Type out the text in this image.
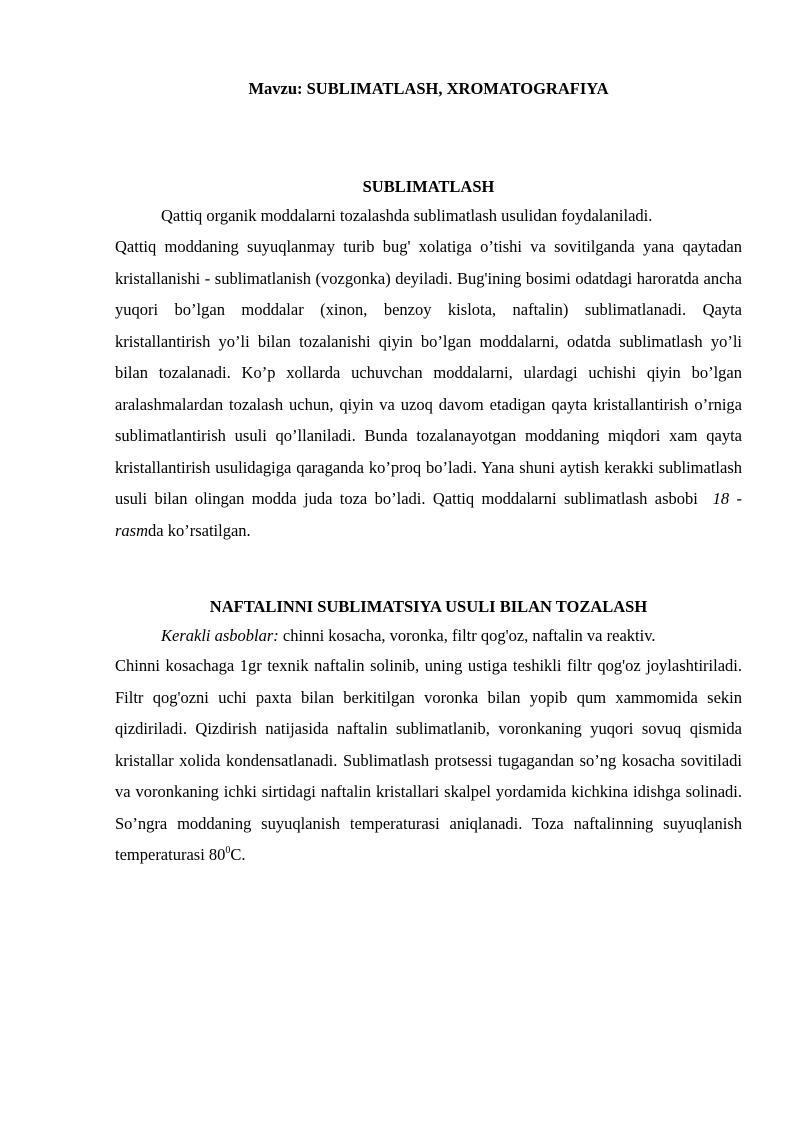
Mavzu: SUBLIMATLASH, XROMATOGRAFIYA
SUBLIMATLASH

Qattiq organik moddalarni tozalashda sublimatlash usulidan foydalaniladi.

Qattiq moddaning suyuqlanmay turib bug' xolatiga o’tishi va sovitilganda yana qaytadan kristallanishi - sublimatlanish (vozgonka) deyiladi. Bug'ining bosimi odatdagi haroratda ancha yuqori bo’lgan moddalar (xinon, benzoy kislota, naftalin) sublimatlanadi. Qayta kristallantirish yo’li bilan tozalanishi qiyin bo’lgan moddalarni, odatda sublimatlash yo’li bilan tozalanadi. Ko’p xollarda uchuvchan moddalarni, ulardagi uchishi qiyin bo’lgan aralashmalardan tozalash uchun, qiyin va uzoq davom etadigan qayta kristallantirish o’rniga sublimatlantirish usuli qo’llaniladi. Bunda tozalanayotgan moddaning miqdori xam qayta kristallantirish usulidagiga qaraganda ko’proq bo’ladi. Yana shuni aytish kerakki sublimatlash usuli bilan olingan modda juda toza bo’ladi. Qattiq moddalarni sublimatlash asbobi 18 - rasmda ko’rsatilgan.

NAFTALINNI SUBLIMATSIYA USULI BILAN TOZALASH

Kerakli asboblar: chinni kosacha, voronka, filtr qog'oz, naftalin va reaktiv.

Chinni kosachaga 1gr texnik naftalin solinib, uning ustiga teshikli filtr qog'oz joylashtiriladi. Filtr qog'ozni uchi paxta bilan berkitilgan voronka bilan yopib qum xammomida sekin qizdiriladi. Qizdirish natijasida naftalin sublimatlanib, voronkaning yuqori sovuq qismida kristallar xolida kondensatlanadi. Sublimatlash protsessi tugagandan so’ng kosacha sovitiladi va voronkaning ichki sirtidagi naftalin kristallari skalpel yordamida kichkina idishga solinadi. So’ngra moddaning suyuqlanish temperaturasi aniqlanadi. Toza naftalinning suyuqlanish temperaturasi $80^0C$.
